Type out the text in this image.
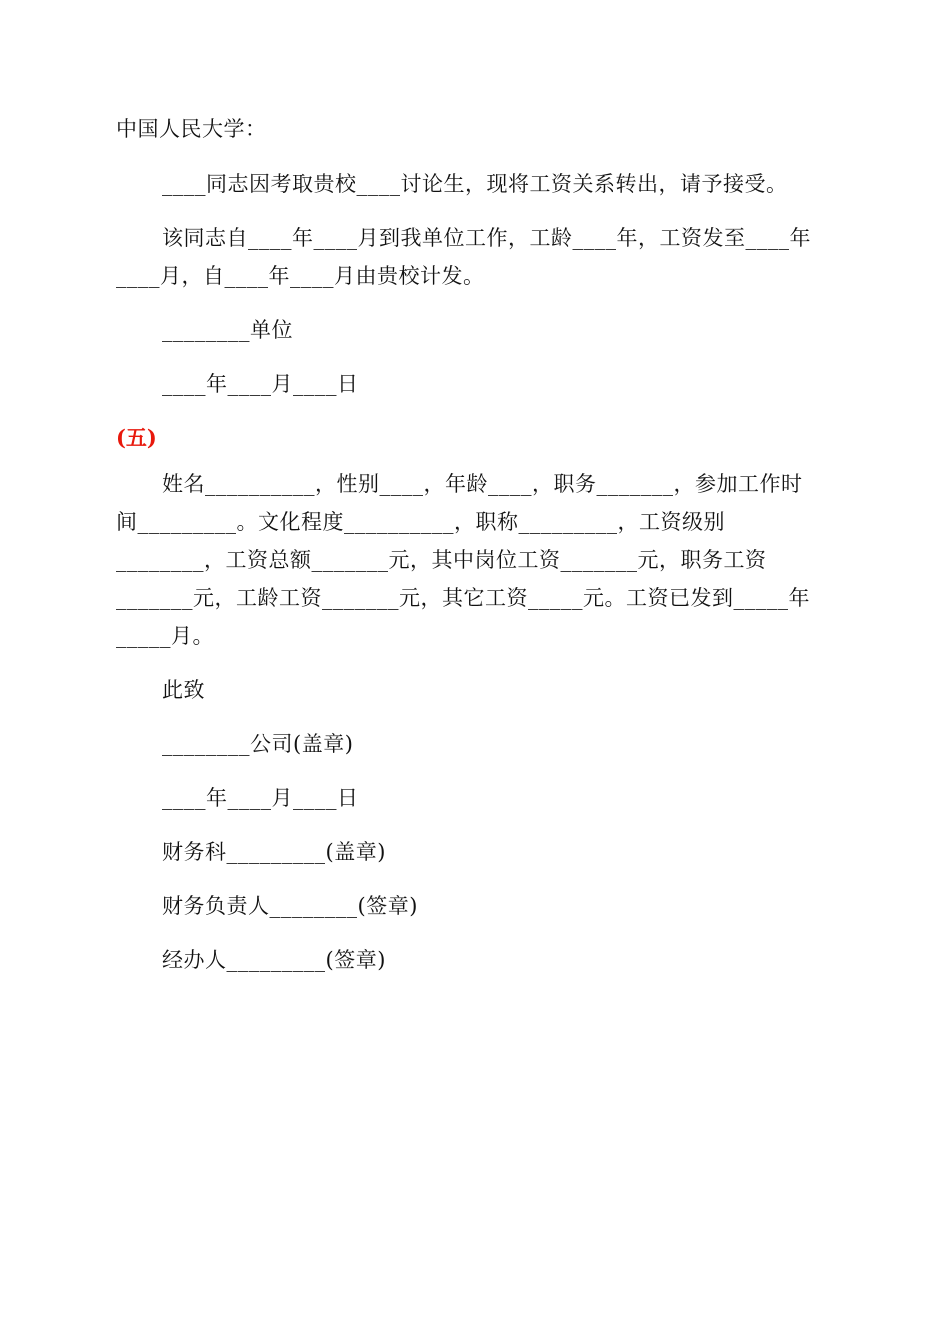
中国人民大学：
____同志因考取贵校____讨论生，现将工资关系转出，请予接受。
该同志自____年____月到我单位工作，工龄____年，工资发至____年
____月，自____年____月由贵校计发。
________单位
____年____月____日
(五)
姓名__________，性别____，年龄____，职务_______，参加工作时
间_________。文化程度__________，职称_________，工资级别
________，工资总额_______元，其中岗位工资_______元，职务工资
_______元，工龄工资_______元，其它工资_____元。工资已发到_____年
_____月。
此致
________公司(盖章)
____年____月____日
财务科_________(盖章)
财务负责人________(签章)
经办人_________(签章)
